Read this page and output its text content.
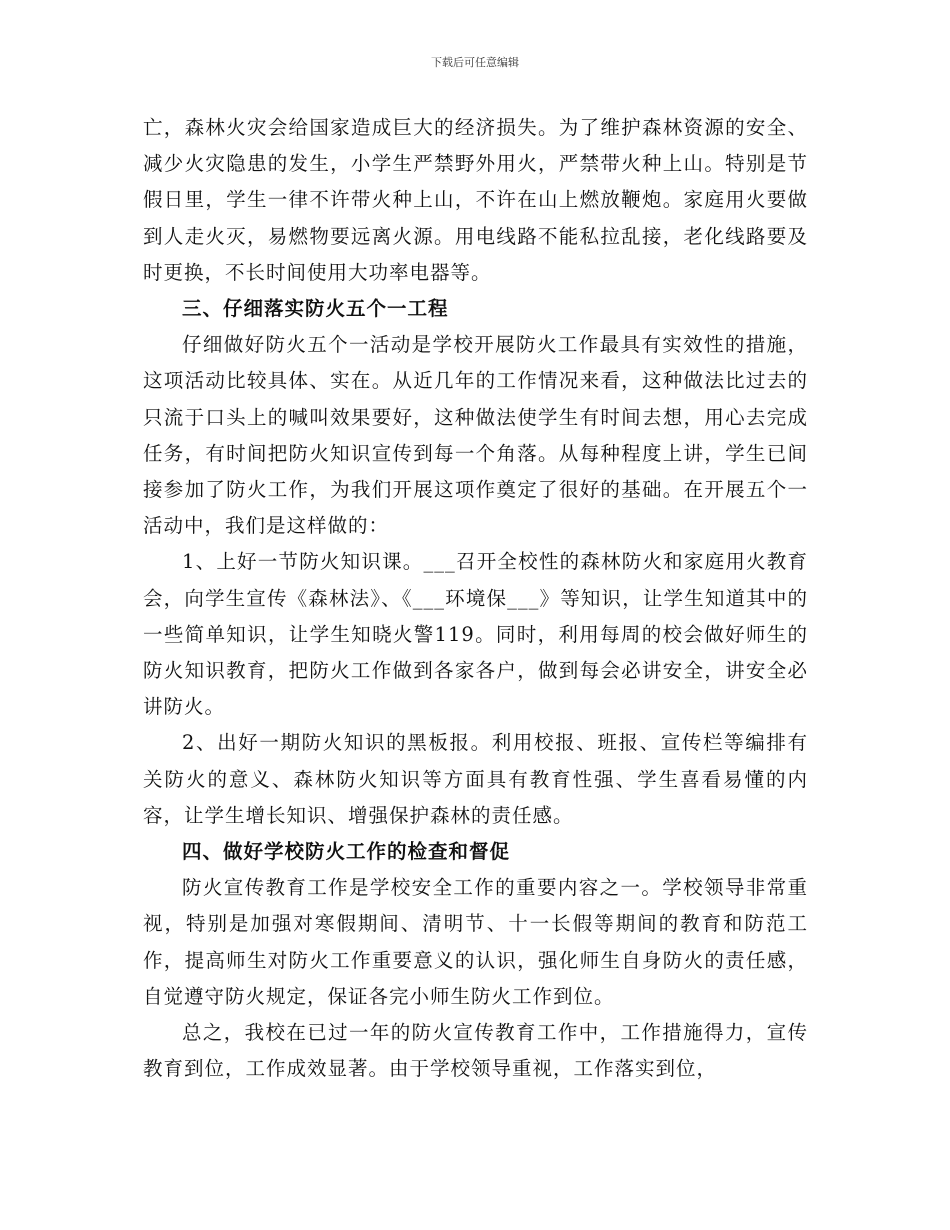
下载后可任意编辑

亡，森林火灾会给国家造成巨大的经济损失。为了维护森林资源的安全、减少火灾隐患的发生，小学生严禁野外用火，严禁带火种上山。特别是节假日里，学生一律不许带火种上山，不许在山上燃放鞭炮。家庭用火要做到人走火灭，易燃物要远离火源。用电线路不能私拉乱接，老化线路要及时更换，不长时间使用大功率电器等。

三、仔细落实防火五个一工程

仔细做好防火五个一活动是学校开展防火工作最具有实效性的措施，这项活动比较具体、实在。从近几年的工作情况来看，这种做法比过去的只流于口头上的喊叫效果要好，这种做法使学生有时间去想，用心去完成任务，有时间把防火知识宣传到每一个角落。从每种程度上讲，学生已间接参加了防火工作，为我们开展这项作奠定了很好的基础。在开展五个一活动中，我们是这样做的：

1、上好一节防火知识课。___召开全校性的森林防火和家庭用火教育会，向学生宣传《森林法》、《___环境保___》等知识，让学生知道其中的一些简单知识，让学生知晓火警119。同时，利用每周的校会做好师生的防火知识教育，把防火工作做到各家各户，做到每会必讲安全，讲安全必讲防火。

2、出好一期防火知识的黑板报。利用校报、班报、宣传栏等编排有关防火的意义、森林防火知识等方面具有教育性强、学生喜看易懂的内容，让学生增长知识、增强保护森林的责任感。

四、做好学校防火工作的检查和督促

防火宣传教育工作是学校安全工作的重要内容之一。学校领导非常重视，特别是加强对寒假期间、清明节、十一长假等期间的教育和防范工作，提高师生对防火工作重要意义的认识，强化师生自身防火的责任感，自觉遵守防火规定，保证各完小师生防火工作到位。

总之，我校在已过一年的防火宣传教育工作中，工作措施得力，宣传教育到位，工作成效显著。由于学校领导重视，工作落实到位，
